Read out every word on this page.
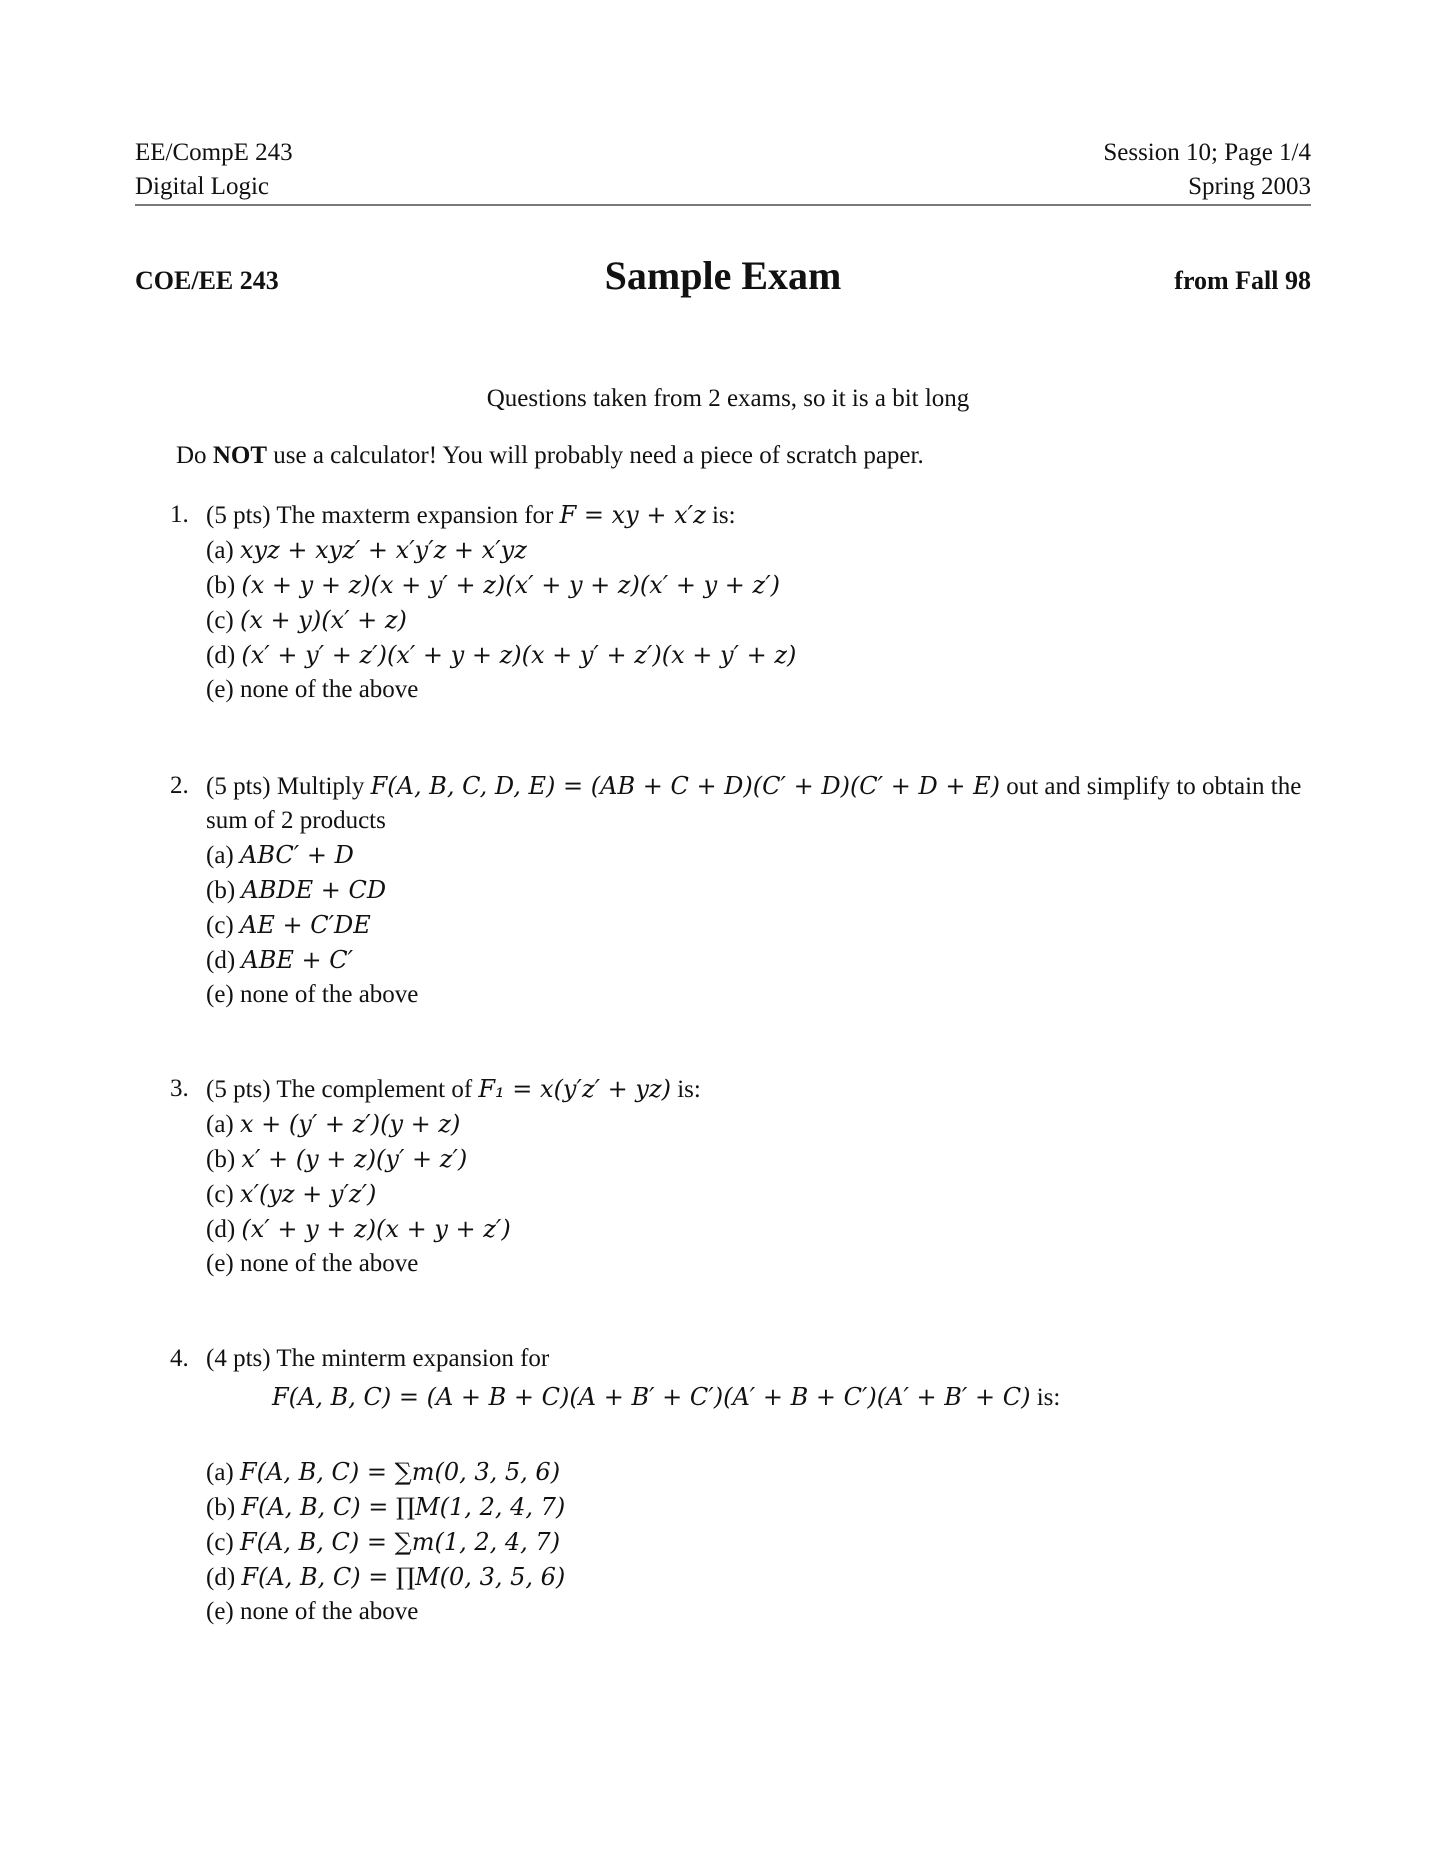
EE/CompE 243
Digital Logic
Session 10; Page 1/4
Spring 2003
COE/EE 243	Sample Exam	from Fall 98
Questions taken from 2 exams, so it is a bit long
Do NOT use a calculator! You will probably need a piece of scratch paper.
1. (5 pts) The maxterm expansion for F = xy + x′z is:
(a) xyz + xyz′ + x′y′z + x′yz
(b) (x + y + z)(x + y′ + z)(x′ + y + z)(x′ + y + z′)
(c) (x + y)(x′ + z)
(d) (x′ + y′ + z′)(x′ + y + z)(x + y′ + z′)(x + y′ + z)
(e) none of the above
2. (5 pts) Multiply F(A, B, C, D, E) = (AB + C + D)(C′ + D)(C′ + D + E) out and simplify to obtain the sum of 2 products
(a) ABC′ + D
(b) ABDE + CD
(c) AE + C′DE
(d) ABE + C′
(e) none of the above
3. (5 pts) The complement of F₁ = x(y′z′ + yz) is:
(a) x + (y′ + z′)(y + z)
(b) x′ + (y + z)(y′ + z′)
(c) x′(yz + y′z′)
(d) (x′ + y + z)(x + y + z′)
(e) none of the above
4. (4 pts) The minterm expansion for
F(A, B, C) = (A + B + C)(A + B′ + C′)(A′ + B + C′)(A′ + B′ + C) is:
(a) F(A, B, C) = ∑m(0, 3, 5, 6)
(b) F(A, B, C) = ∏M(1, 2, 4, 7)
(c) F(A, B, C) = ∑m(1, 2, 4, 7)
(d) F(A, B, C) = ∏M(0, 3, 5, 6)
(e) none of the above
